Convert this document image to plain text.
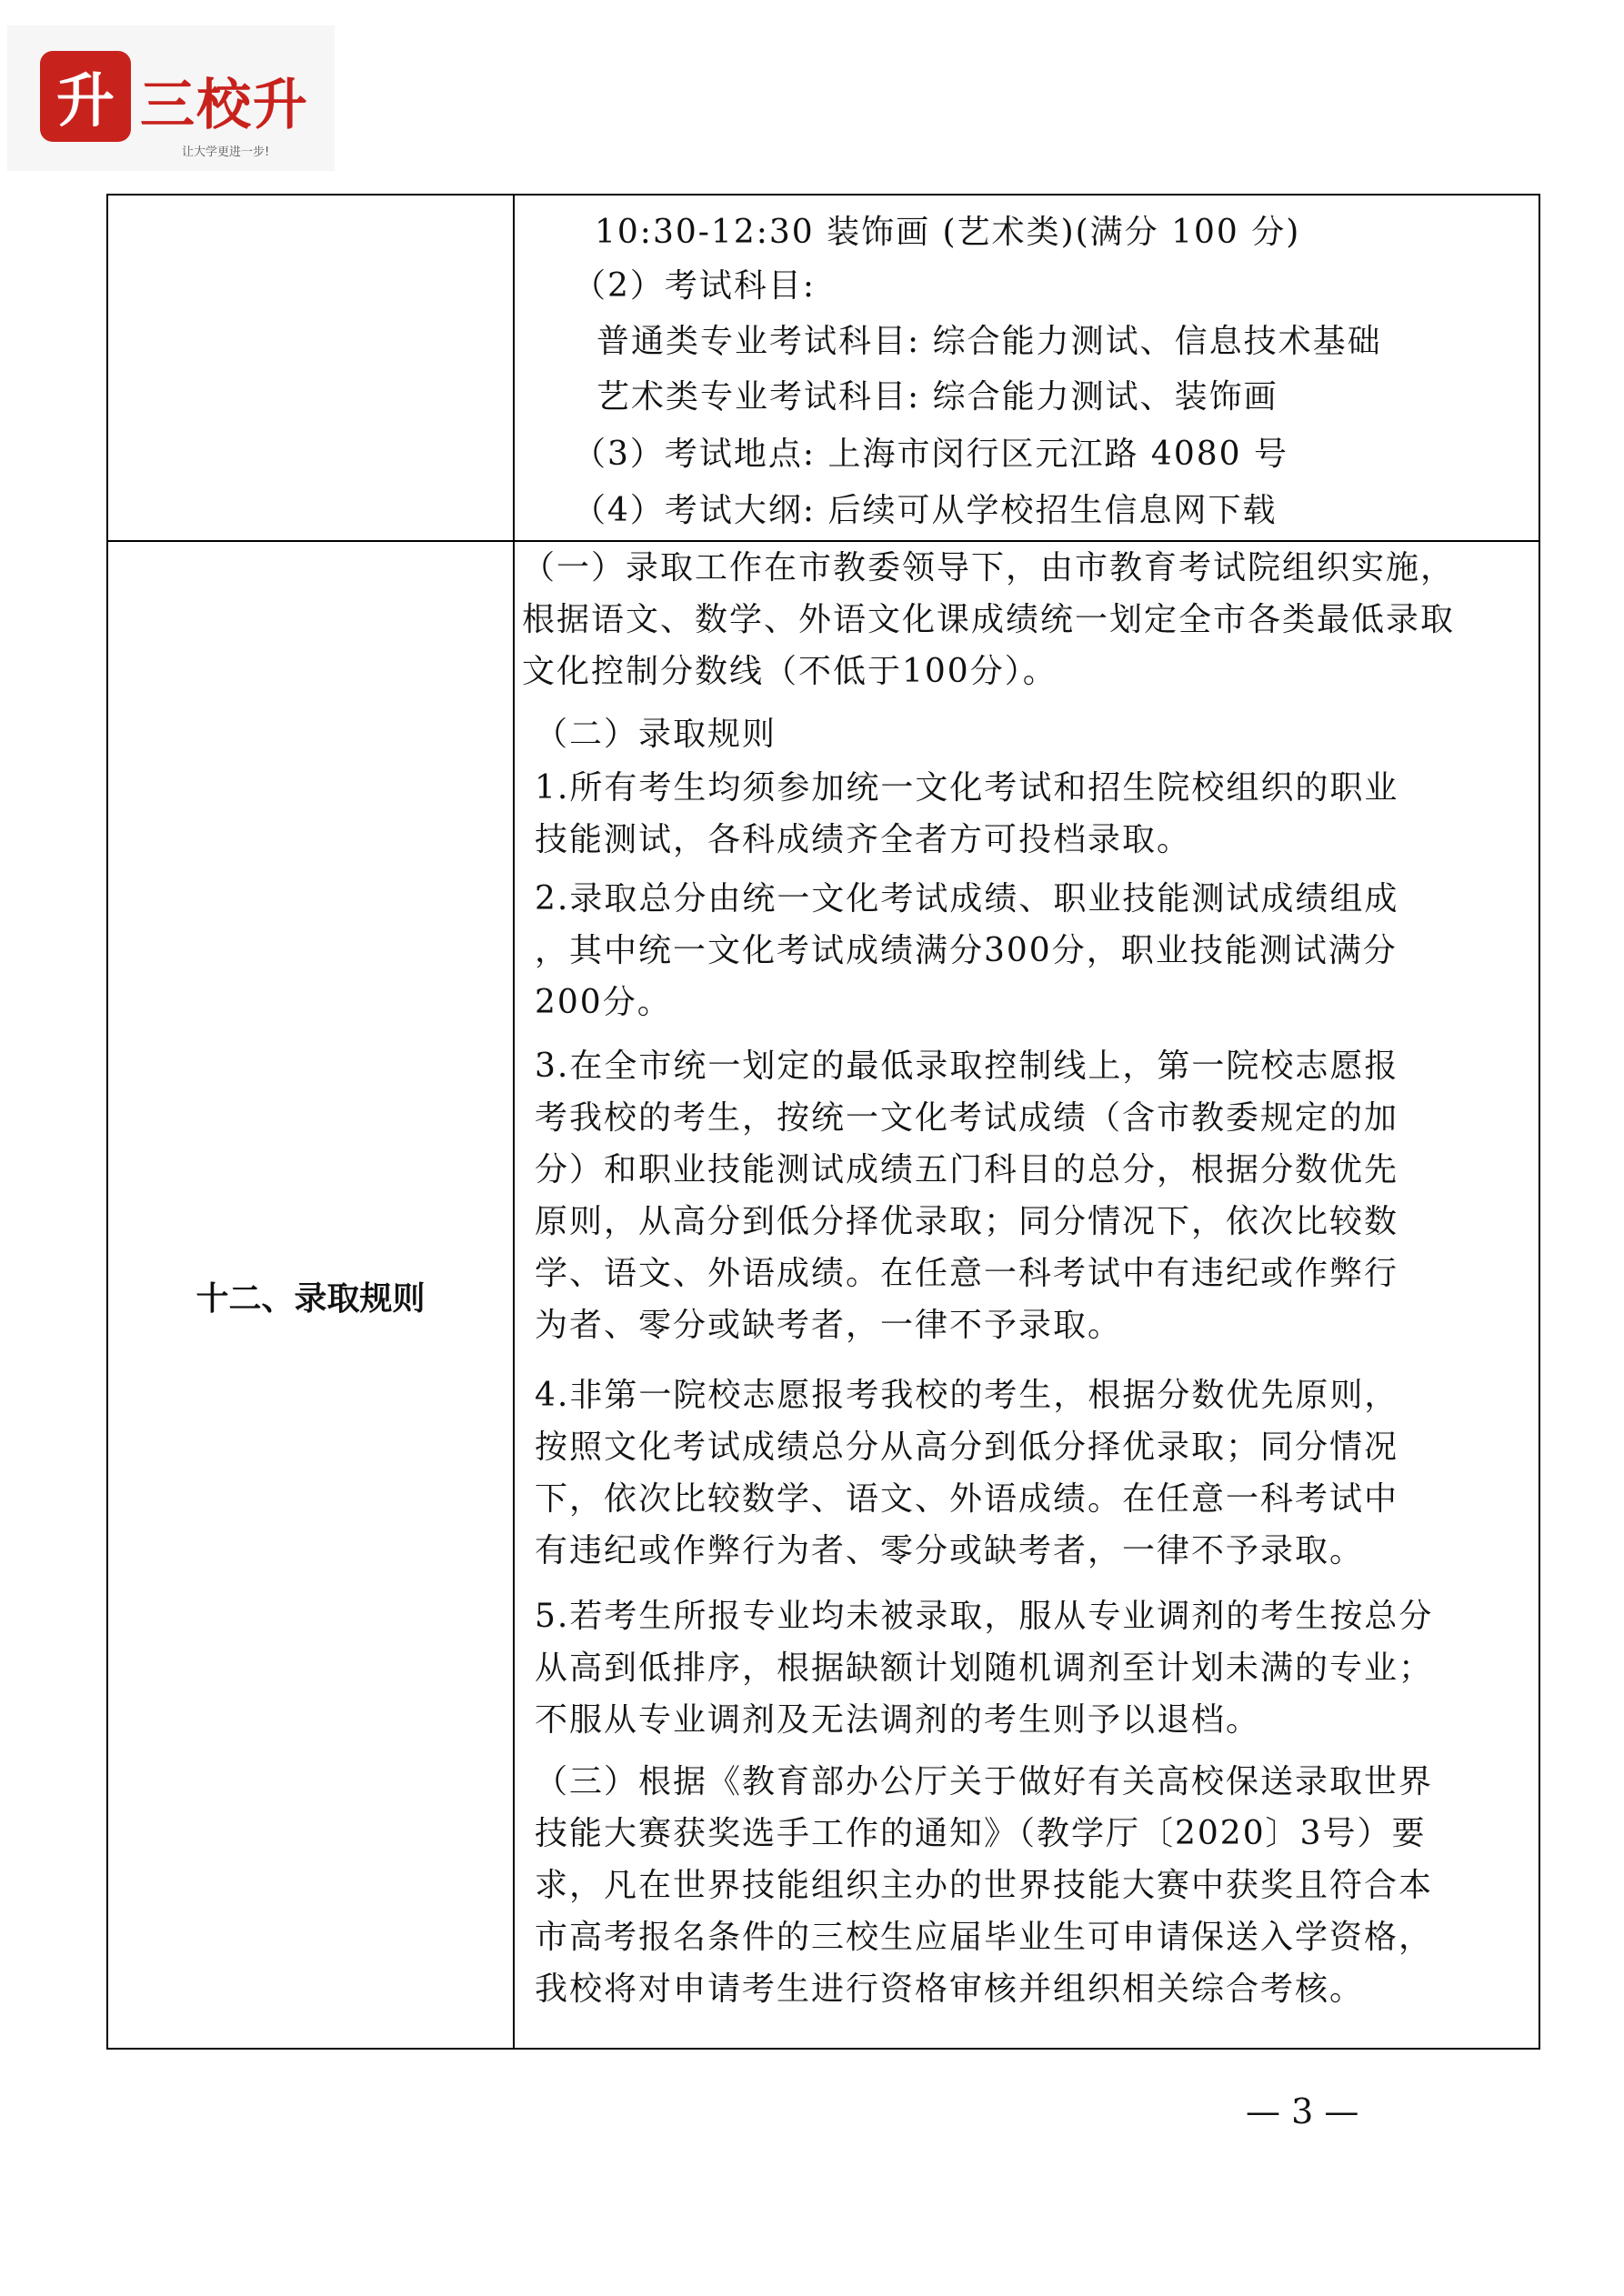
升 三校升
让大学更进一步!

10:30-12:30 装饰画 (艺术类)(满分 100 分)

（2）考试科目:

普通类专业考试科目: 综合能力测试、信息技术基础

艺术类专业考试科目: 综合能力测试、装饰画

（3）考试地点: 上海市闵行区元江路 4080 号

（4）考试大纲: 后续可从学校招生信息网下载

十二、录取规则
（一）录取工作在市教委领导下，由市教育考试院组织实施，
根据语文、数学、外语文化课成绩统一划定全市各类最低录取
文化控制分数线（不低于100分）。
（二）录取规则
1.所有考生均须参加统一文化考试和招生院校组织的职业
技能测试，各科成绩齐全者方可投档录取。
2.录取总分由统一文化考试成绩、职业技能测试成绩组成
，其中统一文化考试成绩满分300分，职业技能测试满分
200分。
3.在全市统一划定的最低录取控制线上，第一院校志愿报
考我校的考生，按统一文化考试成绩（含市教委规定的加
分）和职业技能测试成绩五门科目的总分，根据分数优先
原则，从高分到低分择优录取；同分情况下，依次比较数
学、语文、外语成绩。在任意一科考试中有违纪或作弊行
为者、零分或缺考者，一律不予录取。
4.非第一院校志愿报考我校的考生，根据分数优先原则，
按照文化考试成绩总分从高分到低分择优录取；同分情况
下，依次比较数学、语文、外语成绩。在任意一科考试中
有违纪或作弊行为者、零分或缺考者，一律不予录取。
5.若考生所报专业均未被录取，服从专业调剂的考生按总分
从高到低排序，根据缺额计划随机调剂至计划未满的专业；
不服从专业调剂及无法调剂的考生则予以退档。
（三）根据《教育部办公厅关于做好有关高校保送录取世界
技能大赛获奖选手工作的通知》（教学厅〔2020〕3号）要
求，凡在世界技能组织主办的世界技能大赛中获奖且符合本
市高考报名条件的三校生应届毕业生可申请保送入学资格，
我校将对申请考生进行资格审核并组织相关综合考核。
— 3 —
